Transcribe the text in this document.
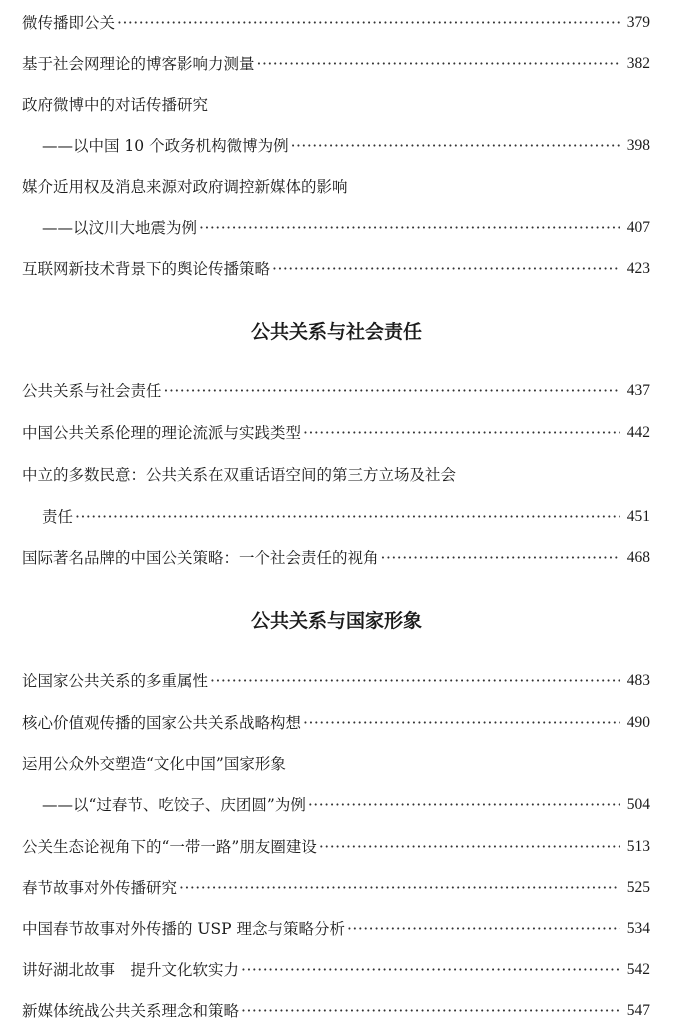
微传播即公关 ·····	379
基于社会网理论的博客影响力测量 ·····	382
政府微博中的对话传播研究
——以中国 10 个政务机构微博为例 ·····	398
媒介近用权及消息来源对政府调控新媒体的影响
——以汶川大地震为例 ·····	407
互联网新技术背景下的舆论传播策略 ·····	423
公共关系与社会责任
公共关系与社会责任 ·····	437
中国公共关系伦理的理论流派与实践类型 ·····	442
中立的多数民意：公共关系在双重话语空间的第三方立场及社会
责任 ·····	451
国际著名品牌的中国公关策略：一个社会责任的视角 ·····	468
公共关系与国家形象
论国家公共关系的多重属性 ·····	483
核心价值观传播的国家公共关系战略构想 ·····	490
运用公众外交塑造“文化中国”国家形象
——以“过春节、吃饺子、庆团圆”为例 ·····	504
公关生态论视角下的“一带一路”朋友圈建设 ·····	513
春节故事对外传播研究 ·····	525
中国春节故事对外传播的 USP 理念与策略分析 ·····	534
讲好湖北故事　提升文化软实力 ·····	542
新媒体统战公共关系理念和策略 ·····	547
